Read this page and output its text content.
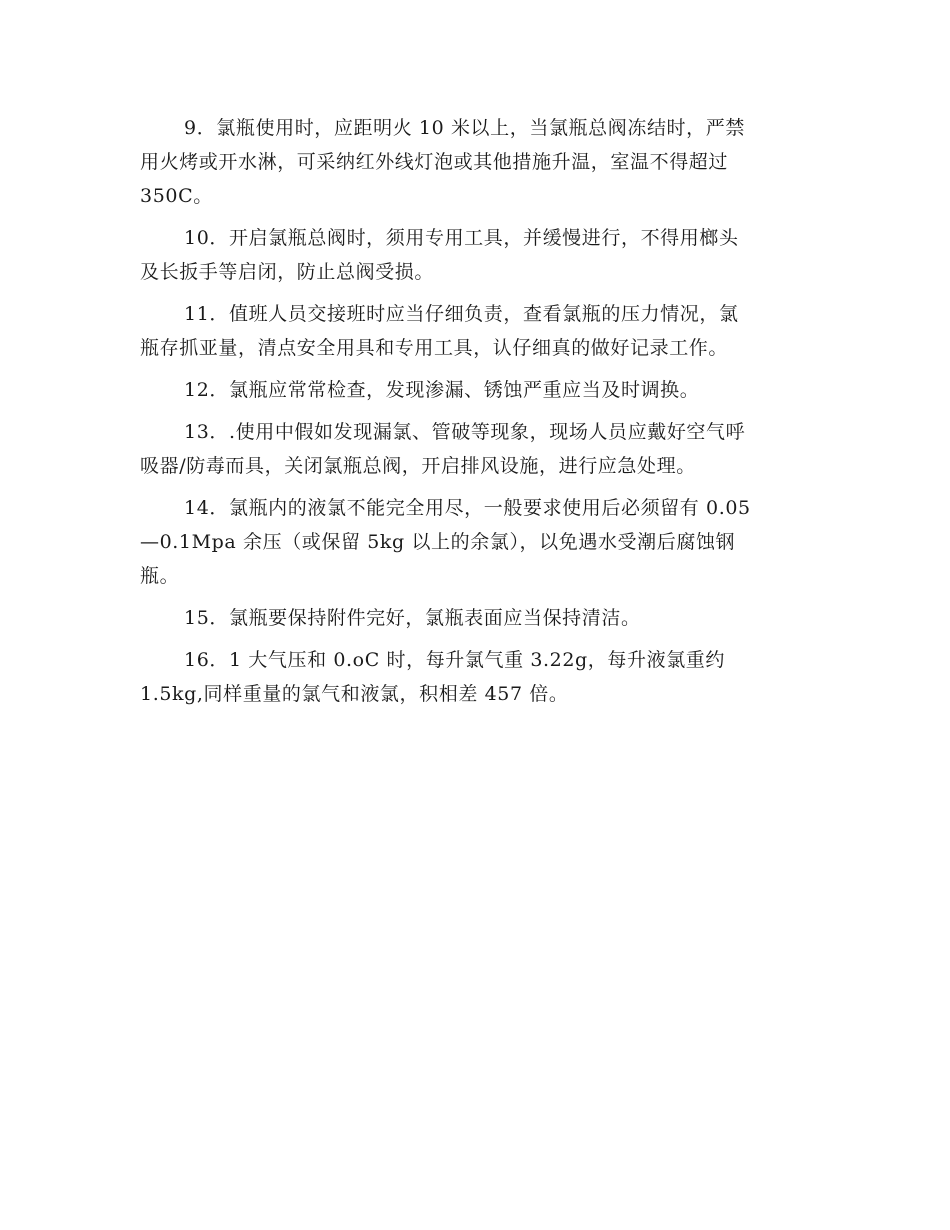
9．氯瓶使用时，应距明火 10 米以上，当氯瓶总阀冻结时，严禁
用火烤或开水淋，可采纳红外线灯泡或其他措施升温，室温不得超过
350C。

10．开启氯瓶总阀时，须用专用工具，并缓慢进行，不得用榔头
及长扳手等启闭，防止总阀受损。

11．值班人员交接班时应当仔细负责，查看氯瓶的压力情况，氯
瓶存抓亚量，清点安全用具和专用工具，认仔细真的做好记录工作。

12．氯瓶应常常检查，发现渗漏、锈蚀严重应当及时调换。

13．.使用中假如发现漏氯、管破等现象，现场人员应戴好空气呼
吸器/防毒而具，关闭氯瓶总阀，开启排风设施，进行应急处理。

14．氯瓶内的液氯不能完全用尽，一般要求使用后必须留有 0.05
—0.1Mpa 余压（或保留 5kg 以上的余氯），以免遇水受潮后腐蚀钢
瓶。

15．氯瓶要保持附件完好，氯瓶表面应当保持清洁。

16．1 大气压和 0.oC 时，每升氯气重 3.22g，每升液氯重约
1.5kg,同样重量的氯气和液氯，积相差 457 倍。
